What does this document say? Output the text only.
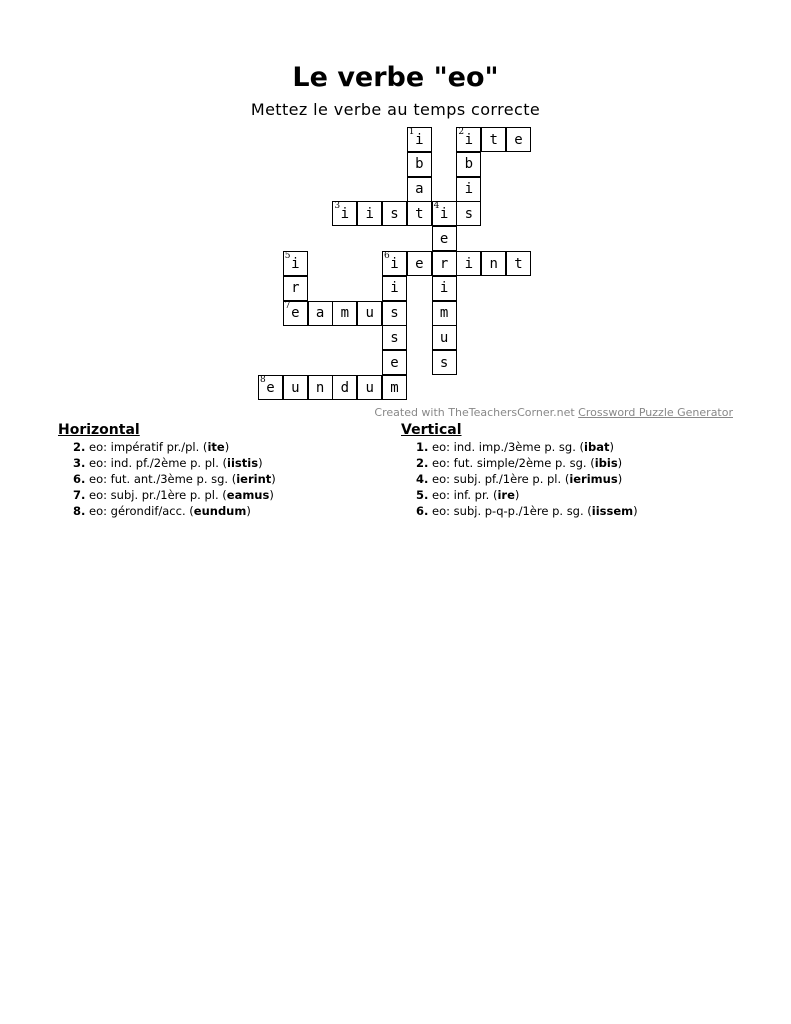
Le verbe "eo"

Mettez le verbe au temps correcte

1 i	2 i	t	e
b	b
a	i
3 i	i	s	t	4 i	s
e
5 i	6 i	e	r	i	n	t
r	i	i
7 e	a	m	u	s	m
s	u
e	s
8 e	u	n	d	u	m
Created with TheTeachersCorner.net Crossword Puzzle Generator
Horizontal
2. eo: impératif pr./pl. (ite)
3. eo: ind. pf./2ème p. pl. (iistis)
6. eo: fut. ant./3ème p. sg. (ierint)
7. eo: subj. pr./1ère p. pl. (eamus)
8. eo: gérondif/acc. (eundum)
Vertical
1. eo: ind. imp./3ème p. sg. (ibat)
2. eo: fut. simple/2ème p. sg. (ibis)
4. eo: subj. pf./1ère p. pl. (ierimus)
5. eo: inf. pr. (ire)
6. eo: subj. p-q-p./1ère p. sg. (iissem)
